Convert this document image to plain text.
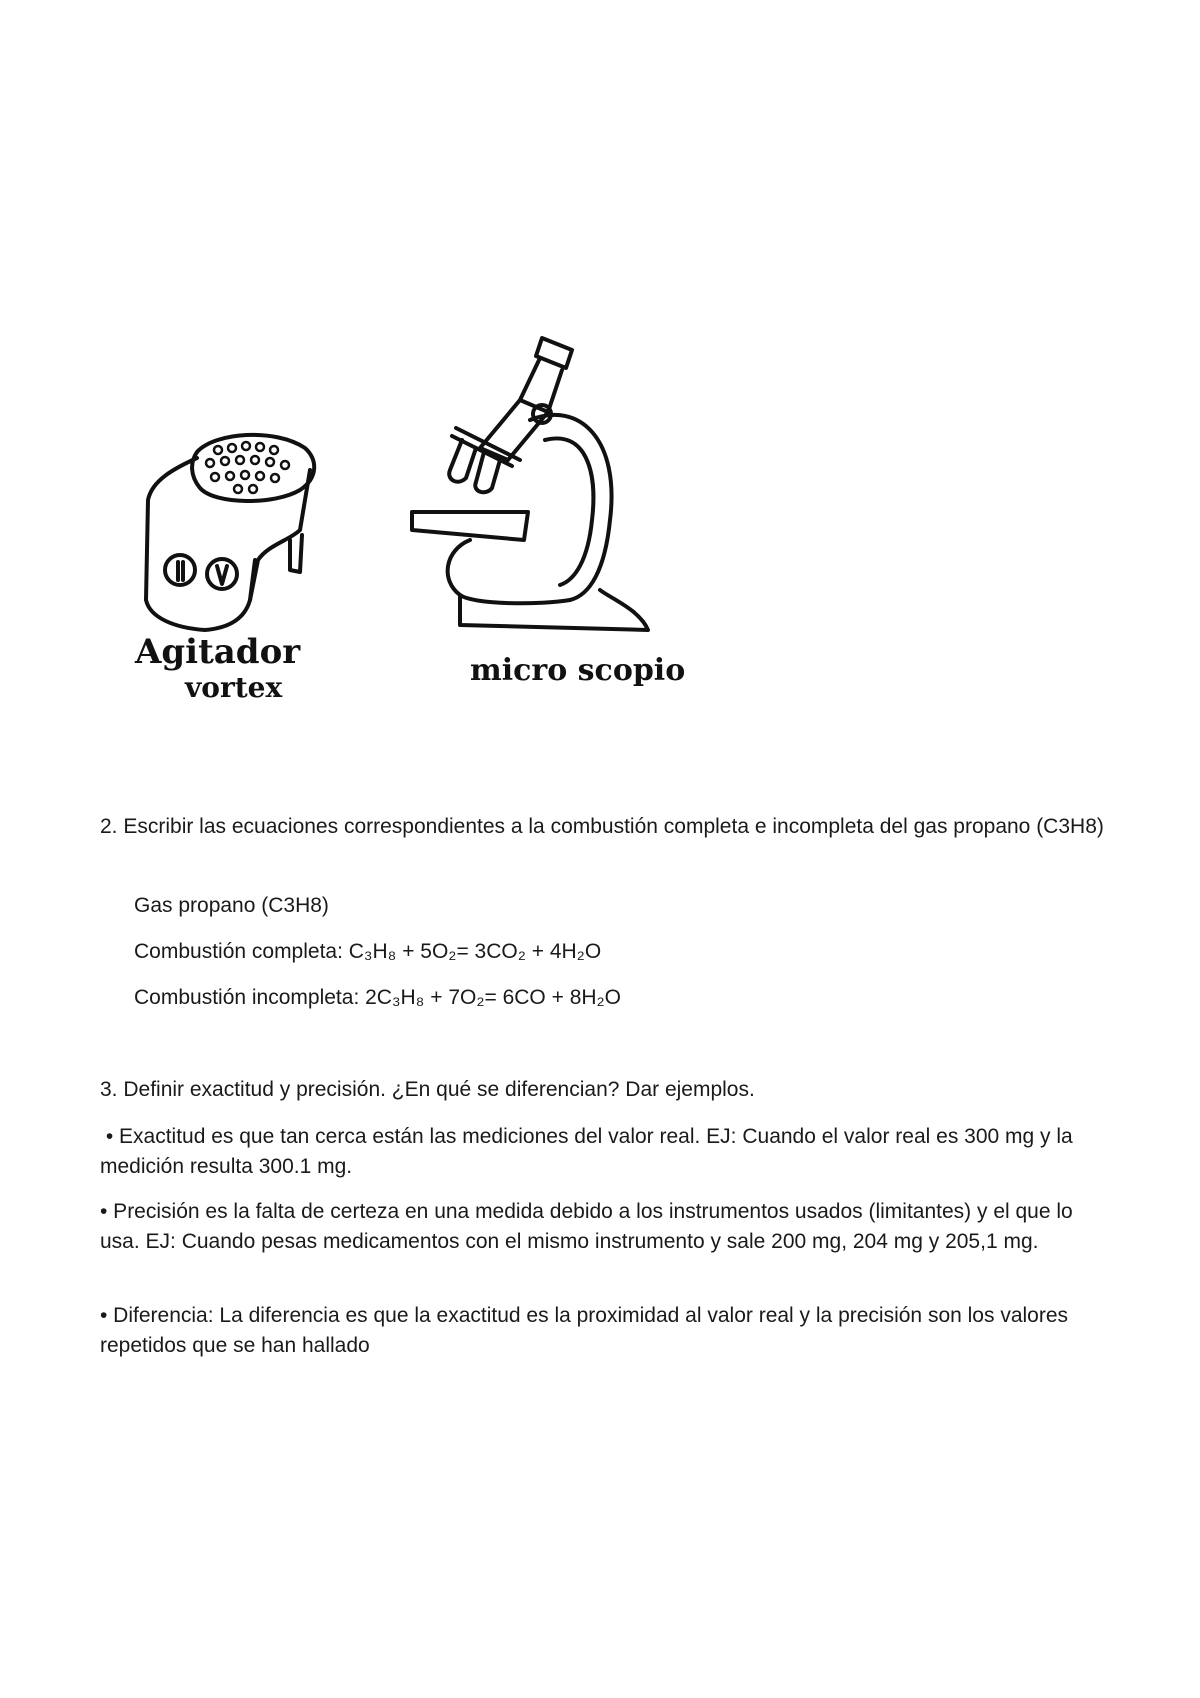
Agitador
vortex	micro scopio

2. Escribir las ecuaciones correspondientes a la combustión completa e incompleta del gas propano (C3H8)

Gas propano (C3H8)
Combustión completa: C₃H₈ + 5O₂= 3CO₂ + 4H₂O
Combustión incompleta: 2C₃H₈ + 7O₂= 6CO + 8H₂O

3. Definir exactitud y precisión. ¿En qué se diferencian? Dar ejemplos.

• Exactitud es que tan cerca están las mediciones del valor real. EJ: Cuando el valor real es 300 mg y la medición resulta 300.1 mg.

• Precisión es la falta de certeza en una medida debido a los instrumentos usados (limitantes) y el que lo usa. EJ: Cuando pesas medicamentos con el mismo instrumento y sale 200 mg, 204 mg y 205,1 mg.

• Diferencia: La diferencia es que la exactitud es la proximidad al valor real y la precisión son los valores repetidos que se han hallado
